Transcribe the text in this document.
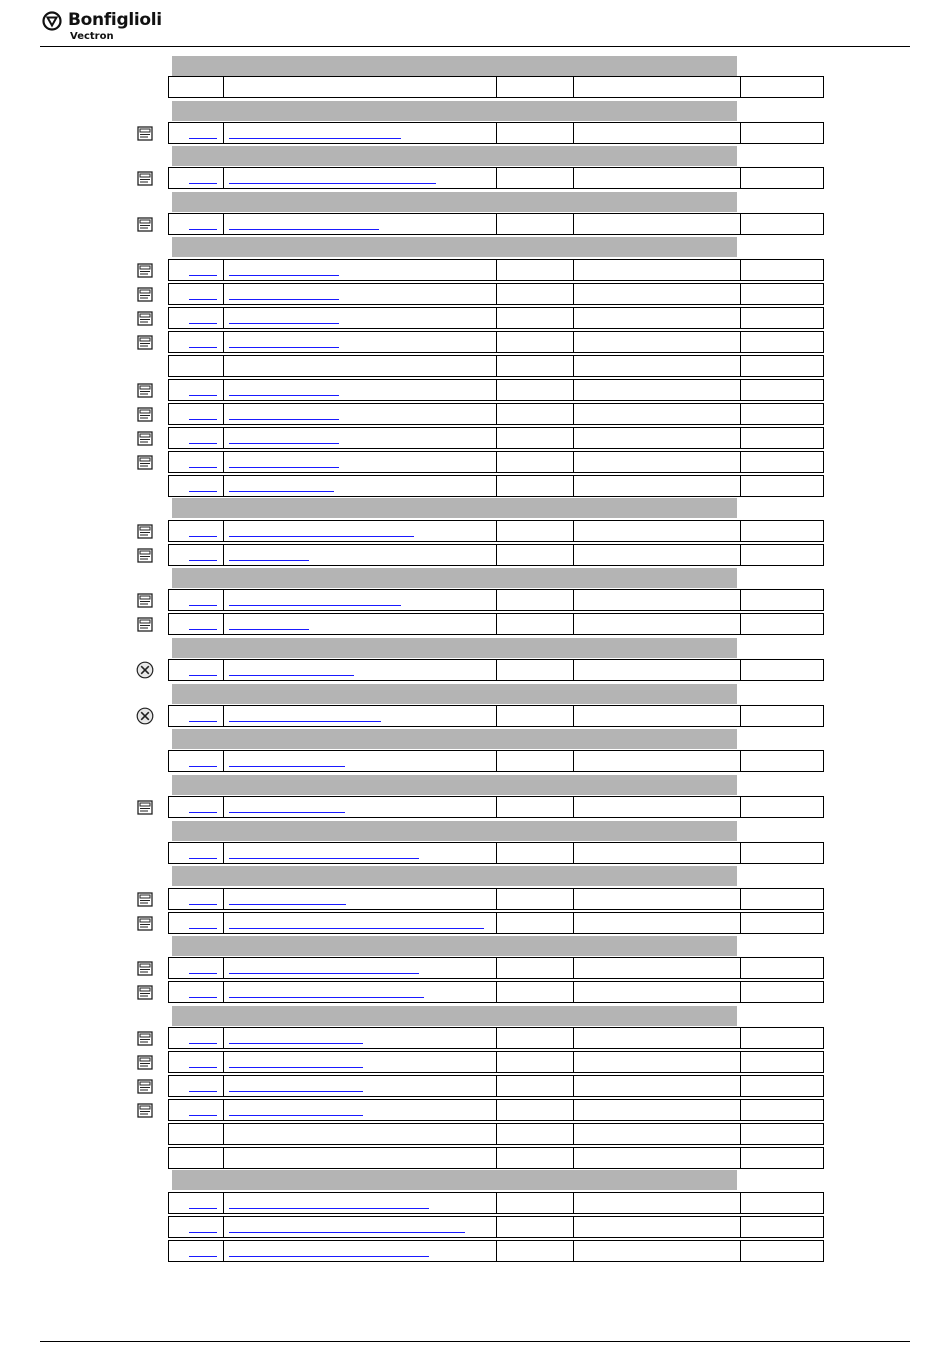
Bonfiglioli
Vectron
